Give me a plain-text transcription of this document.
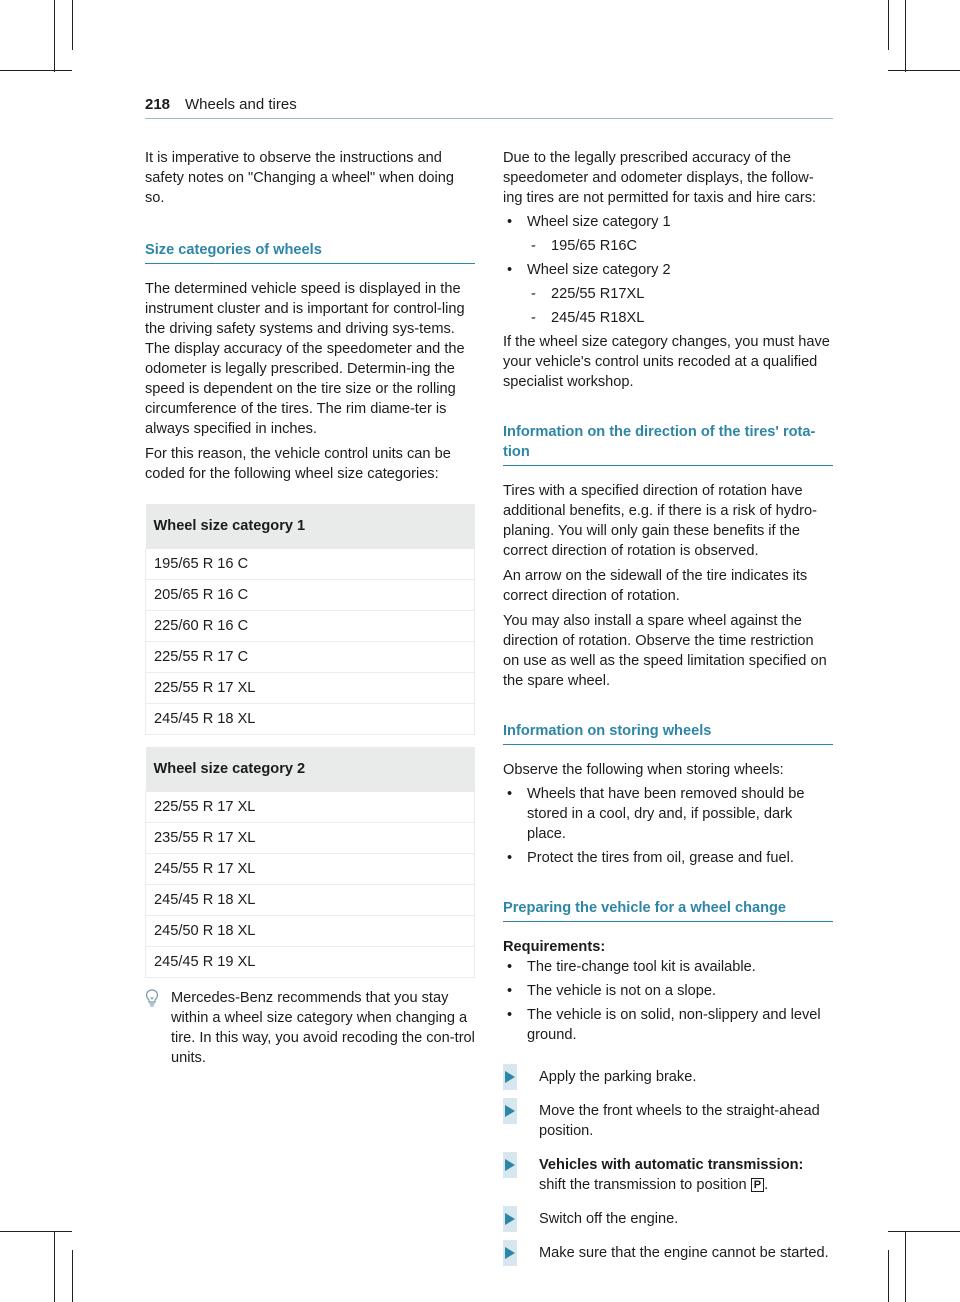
218 Wheels and tires

It is imperative to observe the instructions and safety notes on "Changing a wheel" when doing so.

Size categories of wheels

The determined vehicle speed is displayed in the instrument cluster and is important for control-ling the driving safety systems and driving sys-tems. The display accuracy of the speedometer and the odometer is legally prescribed. Determin-ing the speed is dependent on the tire size or the rolling circumference of the tires. The rim diame-ter is always specified in inches.

For this reason, the vehicle control units can be coded for the following wheel size categories:

Wheel size category 1
195/65 R 16 C
205/65 R 16 C
225/60 R 16 C
225/55 R 17 C
225/55 R 17 XL
245/45 R 18 XL
Wheel size category 2
225/55 R 17 XL
235/55 R 17 XL
245/55 R 17 XL
245/45 R 18 XL
245/50 R 18 XL
245/45 R 19 XL

Mercedes-Benz recommends that you stay within a wheel size category when changing a tire. In this way, you avoid recoding the con-trol units.

Due to the legally prescribed accuracy of the speedometer and odometer displays, the follow-ing tires are not permitted for taxis and hire cars:

• Wheel size category 1
- 195/65 R16C
• Wheel size category 2
- 225/55 R17XL
- 245/45 R18XL

If the wheel size category changes, you must have your vehicle's control units recoded at a qualified specialist workshop.

Information on the direction of the tires' rota-tion

Tires with a specified direction of rotation have additional benefits, e.g. if there is a risk of hydro-planing. You will only gain these benefits if the correct direction of rotation is observed.

An arrow on the sidewall of the tire indicates its correct direction of rotation.

You may also install a spare wheel against the direction of rotation. Observe the time restriction on use as well as the speed limitation specified on the spare wheel.

Information on storing wheels

Observe the following when storing wheels:

• Wheels that have been removed should be stored in a cool, dry and, if possible, dark place.
• Protect the tires from oil, grease and fuel.
Preparing the vehicle for a wheel change

Requirements:

• The tire-change tool kit is available.
• The vehicle is not on a slope.
• The vehicle is on solid, non-slippery and level ground.
Apply the parking brake.
Move the front wheels to the straight-ahead position.
Vehicles with automatic transmission:
shift the transmission to position P .
Switch off the engine.
Make sure that the engine cannot be started.
